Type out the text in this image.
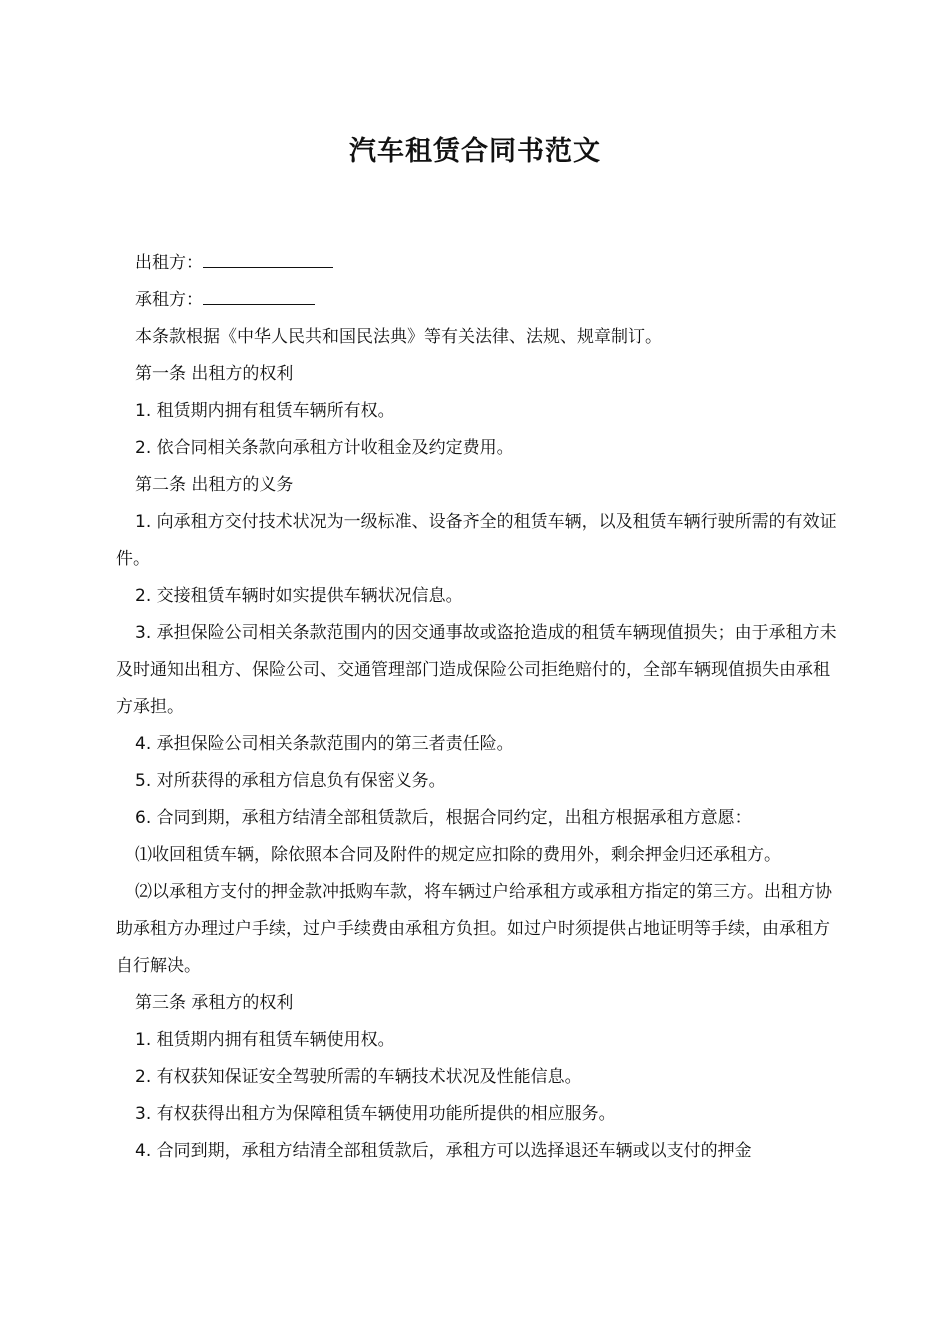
汽车租赁合同书范文

出租方：

承租方：

本条款根据《中华人民共和国民法典》等有关法律、法规、规章制订。

第一条 出租方的权利

1. 租赁期内拥有租赁车辆所有权。

2. 依合同相关条款向承租方计收租金及约定费用。

第二条 出租方的义务

1. 向承租方交付技术状况为一级标准、设备齐全的租赁车辆，以及租赁车辆行驶所需的有效证件。

2. 交接租赁车辆时如实提供车辆状况信息。

3. 承担保险公司相关条款范围内的因交通事故或盗抢造成的租赁车辆现值损失；由于承租方未及时通知出租方、保险公司、交通管理部门造成保险公司拒绝赔付的，全部车辆现值损失由承租方承担。

4. 承担保险公司相关条款范围内的第三者责任险。

5. 对所获得的承租方信息负有保密义务。

6. 合同到期，承租方结清全部租赁款后，根据合同约定，出租方根据承租方意愿：

⑴收回租赁车辆，除依照本合同及附件的规定应扣除的费用外，剩余押金归还承租方。

⑵以承租方支付的押金款冲抵购车款，将车辆过户给承租方或承租方指定的第三方。出租方协助承租方办理过户手续，过户手续费由承租方负担。如过户时须提供占地证明等手续，由承租方自行解决。

第三条 承租方的权利

1. 租赁期内拥有租赁车辆使用权。

2. 有权获知保证安全驾驶所需的车辆技术状况及性能信息。

3. 有权获得出租方为保障租赁车辆使用功能所提供的相应服务。

4. 合同到期，承租方结清全部租赁款后，承租方可以选择退还车辆或以支付的押金
